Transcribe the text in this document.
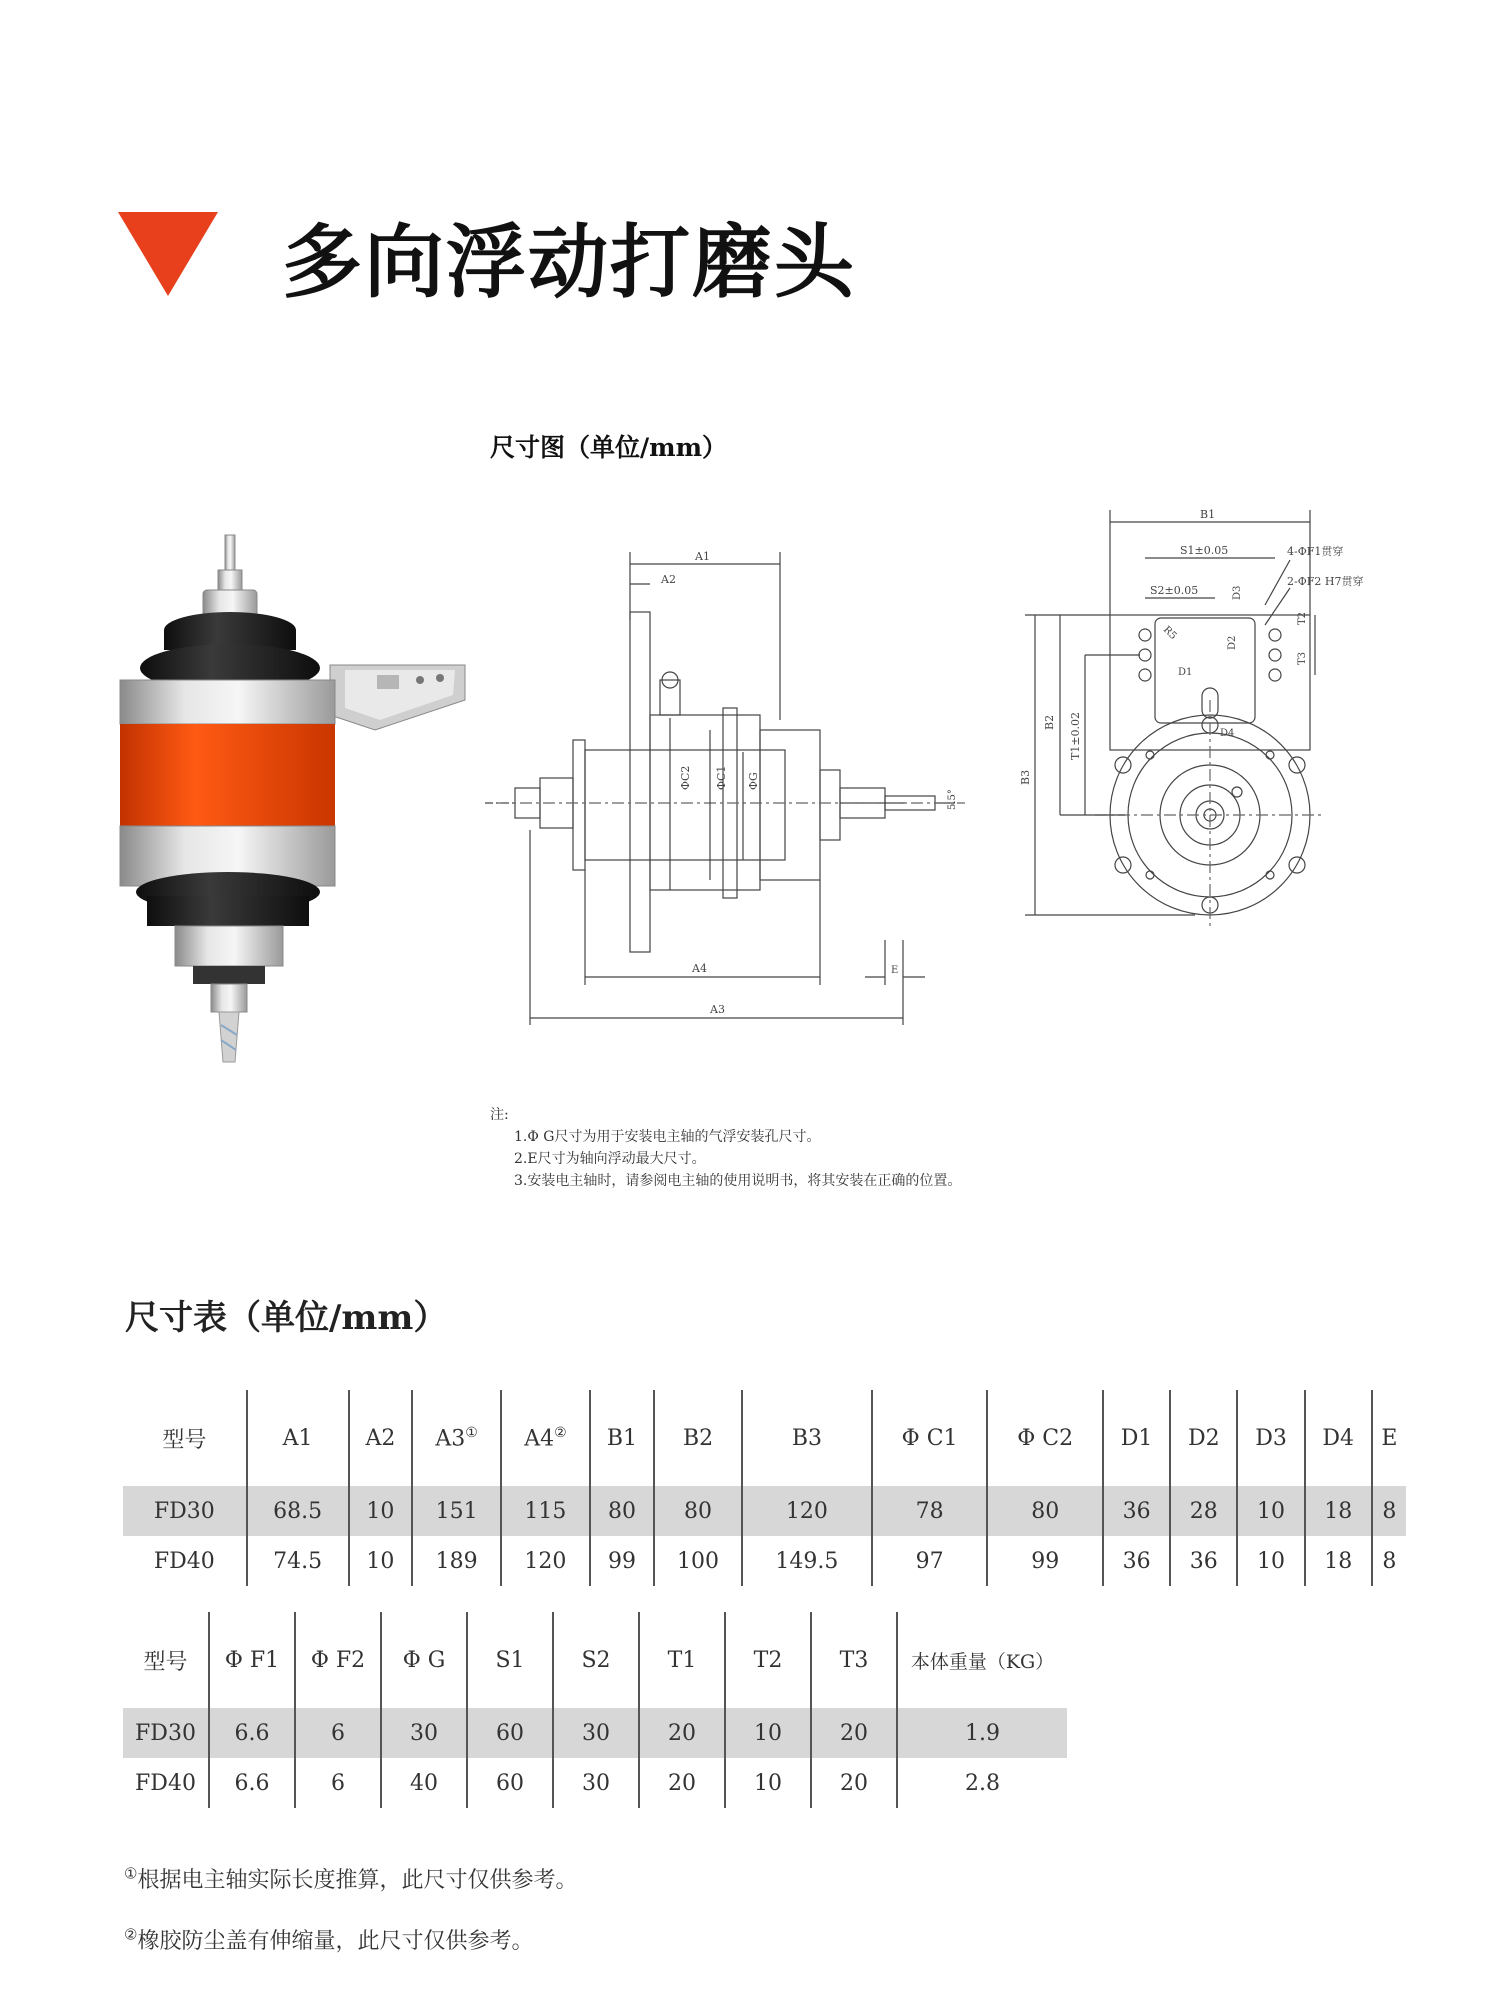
多向浮动打磨头
尺寸图（单位/mm）
A1
A2
ΦC2 ΦC1 ΦG
5.5°
A4	E
A3
B1
S1±0.05
S2±0.05
4-ΦF1贯穿
2-ΦF2 H7贯穿
R5
D1
D2
D3
D4
T2
T3
B3
B2 T1±0.02
注:
1.Φ G尺寸为用于安装电主轴的气浮安装孔尺寸。
2.E尺寸为轴向浮动最大尺寸。
3.安装电主轴时，请参阅电主轴的使用说明书，将其安装在正确的位置。
尺寸表（单位/mm）
型号	A1	A2	A3①	A4②	B1	B2	B3	Φ C1	Φ C2	D1	D2	D3	D4	E
FD30	68.5	10	151	115	80	80	120	78	80	36	28	10	18	8
FD40	74.5	10	189	120	99	100	149.5	97	99	36	36	10	18	8
型号	Φ F1	Φ F2	Φ G	S1	S2	T1	T2	T3	本体重量（KG）
FD30	6.6	6	30	60	30	20	10	20	1.9
FD40	6.6	6	40	60	30	20	10	20	2.8
①根据电主轴实际长度推算，此尺寸仅供参考。
②橡胶防尘盖有伸缩量，此尺寸仅供参考。
